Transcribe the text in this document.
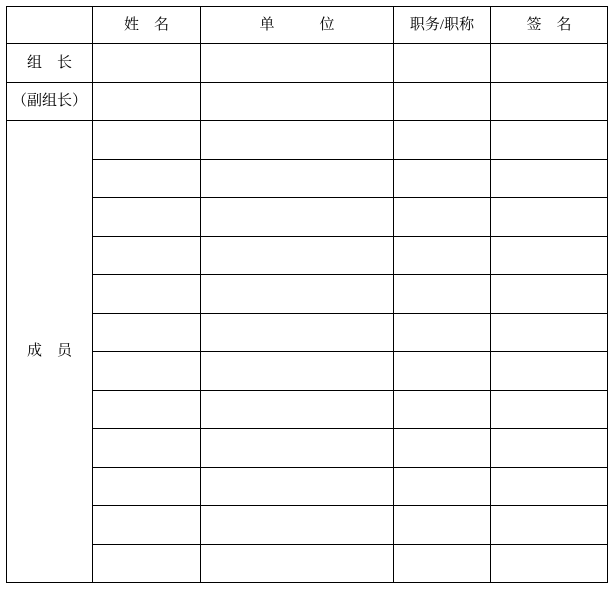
	姓　名	单　　　位	职务/职称	签　名
组　长				
（副组长）				
成　员				
